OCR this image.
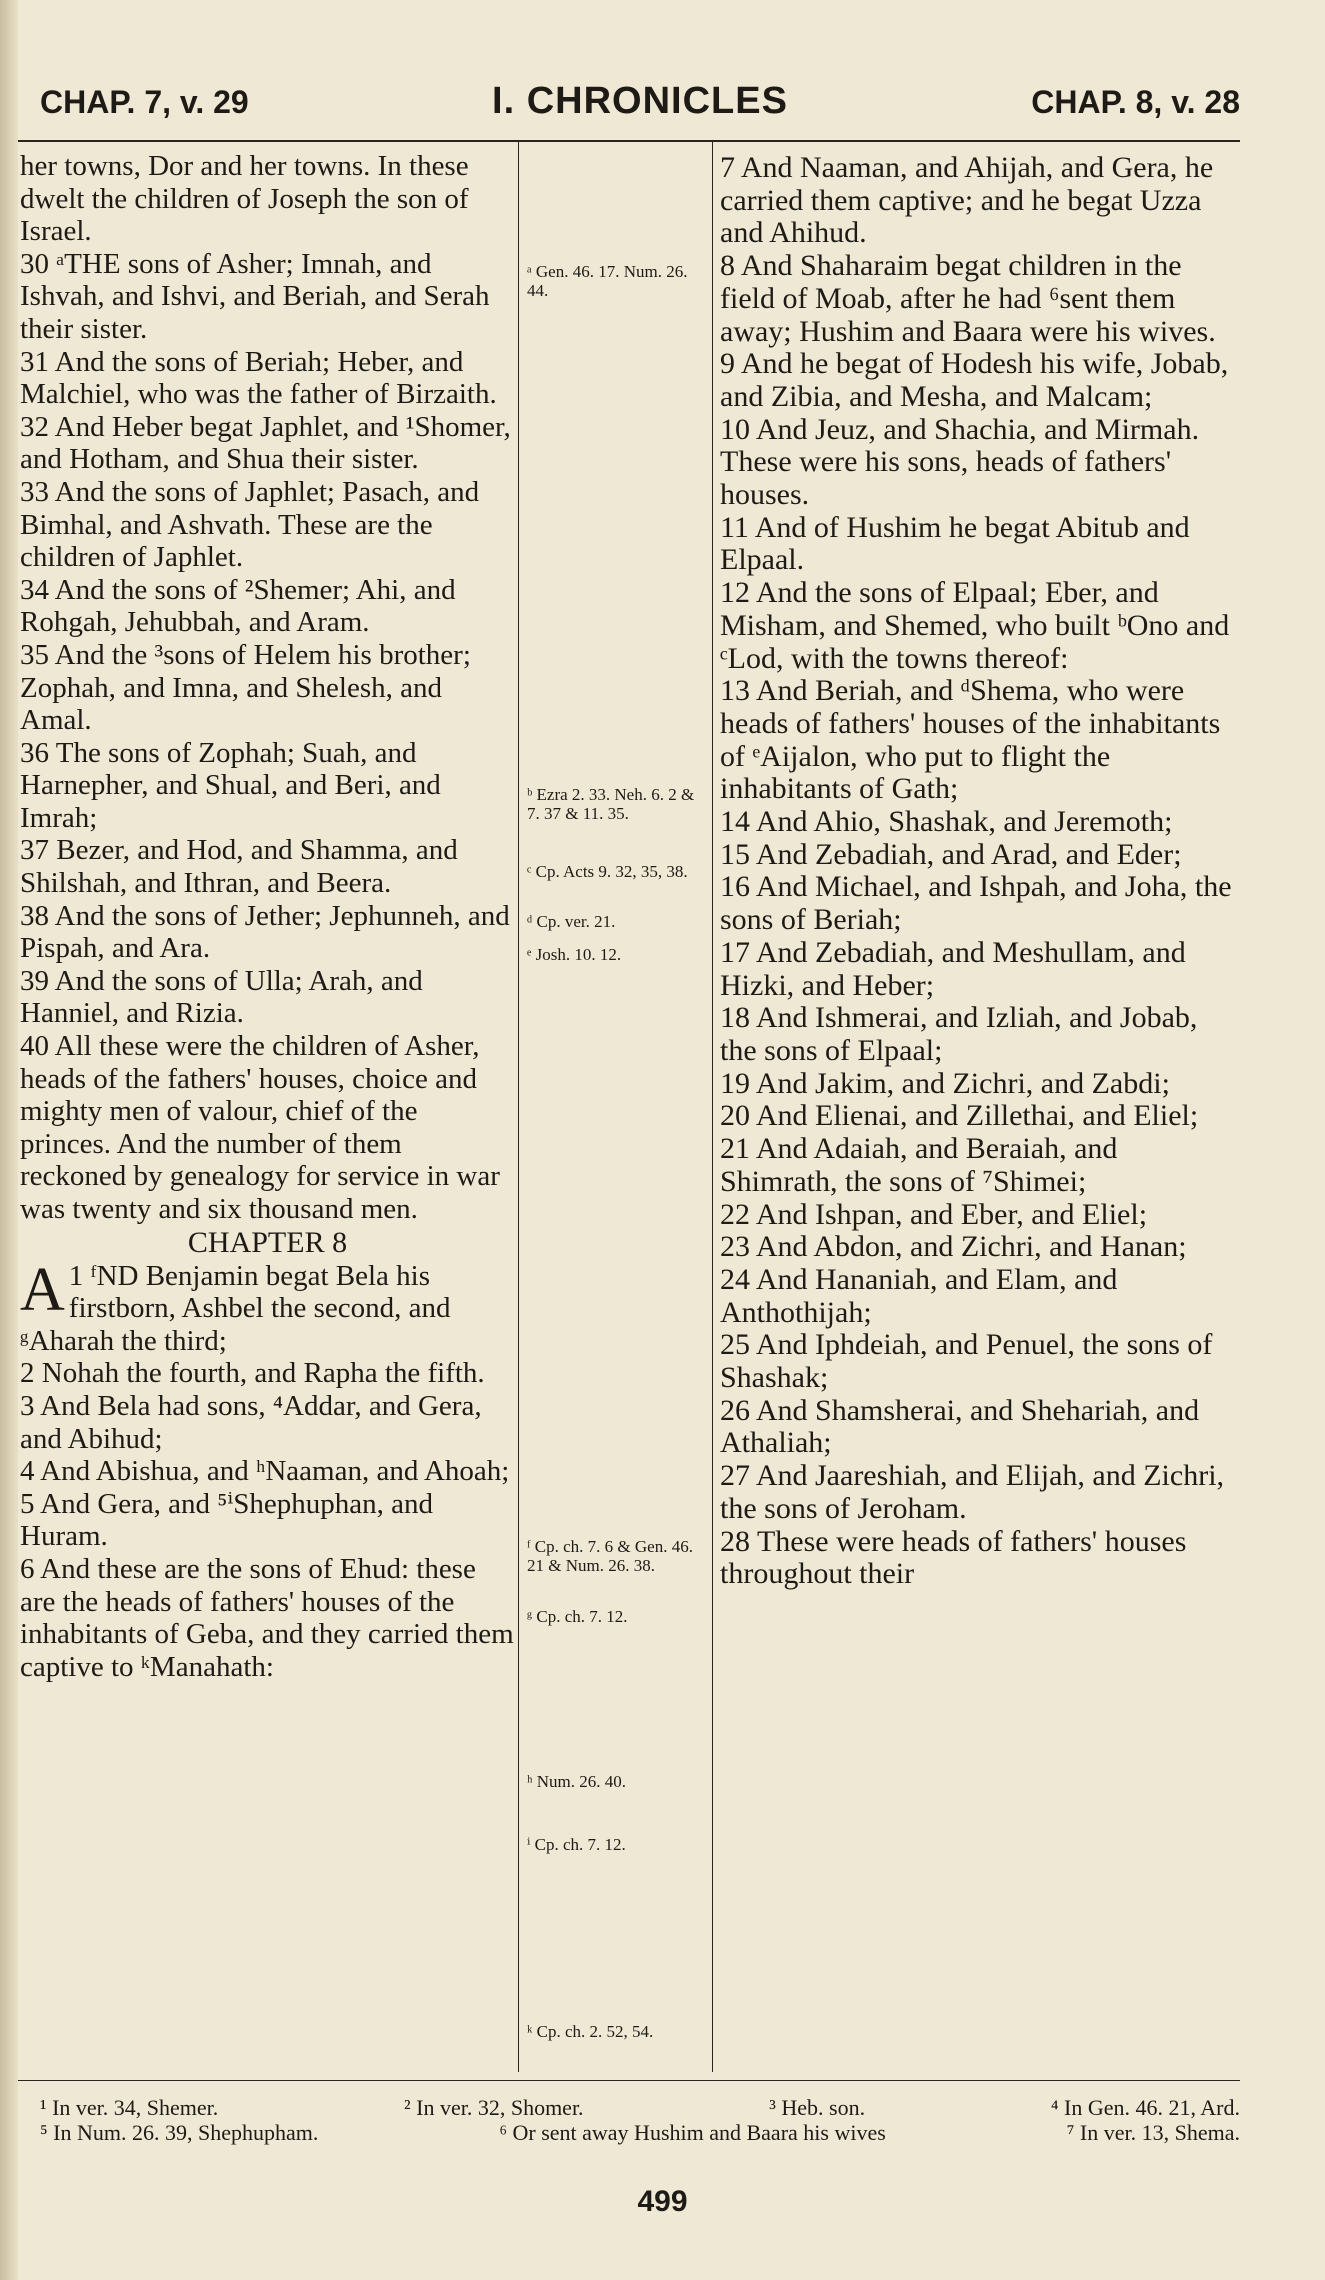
CHAP. 7, v. 29	I. CHRONICLES	CHAP. 8, v. 28

her towns, Dor and her towns. In these dwelt the children of Joseph the son of Israel.

30 ᵃTHE sons of Asher; Imnah, and Ishvah, and Ishvi, and Beriah, and Serah their sister.

31 And the sons of Beriah; Heber, and Malchiel, who was the father of Birzaith.

32 And Heber begat Japhlet, and ¹Shomer, and Hotham, and Shua their sister.

33 And the sons of Japhlet; Pasach, and Bimhal, and Ashvath. These are the children of Japhlet.

34 And the sons of ²Shemer; Ahi, and Rohgah, Jehubbah, and Aram.

35 And the ³sons of Helem his brother; Zophah, and Imna, and Shelesh, and Amal.

36 The sons of Zophah; Suah, and Harnepher, and Shual, and Beri, and Imrah;

37 Bezer, and Hod, and Shamma, and Shilshah, and Ithran, and Beera.

38 And the sons of Jether; Jephunneh, and Pispah, and Ara.

39 And the sons of Ulla; Arah, and Hanniel, and Rizia.

40 All these were the children of Asher, heads of the fathers' houses, choice and mighty men of valour, chief of the princes. And the number of them reckoned by genealogy for service in war was twenty and six thousand men.

CHAPTER 8

1 ᶠ
A ND Benjamin begat Bela his firstborn, Ashbel the second, and ᵍAharah the third;

2 Nohah the fourth, and Rapha the fifth.

3 And Bela had sons, ⁴Addar, and Gera, and Abihud;

4 And Abishua, and ʰNaaman, and Ahoah;

5 And Gera, and ⁵ⁱShephuphan, and Huram.

6 And these are the sons of Ehud: these are the heads of fathers' houses of the inhabitants of Geba, and they carried them captive to ᵏManahath:

ᵃ Gen. 46. 17. Num. 26. 44.
ᵇ Ezra 2. 33. Neh. 6. 2 & 7. 37 & 11. 35.
ᶜ Cp. Acts 9. 32, 35, 38.
ᵈ Cp. ver. 21.
ᵉ Josh. 10. 12.
ᶠ Cp. ch. 7. 6 & Gen. 46. 21 & Num. 26. 38.
ᵍ Cp. ch. 7. 12.
ʰ Num. 26. 40.
ⁱ Cp. ch. 7. 12.
ᵏ Cp. ch. 2. 52, 54.

7 And Naaman, and Ahijah, and Gera, he carried them captive; and he begat Uzza and Ahihud.

8 And Shaharaim begat children in the field of Moab, after he had ⁶sent them away; Hushim and Baara were his wives.

9 And he begat of Hodesh his wife, Jobab, and Zibia, and Mesha, and Malcam;

10 And Jeuz, and Shachia, and Mirmah. These were his sons, heads of fathers' houses.

11 And of Hushim he begat Abitub and Elpaal.

12 And the sons of Elpaal; Eber, and Misham, and Shemed, who built ᵇOno and ᶜLod, with the towns thereof:

13 And Beriah, and ᵈShema, who were heads of fathers' houses of the inhabitants of ᵉAijalon, who put to flight the inhabitants of Gath;

14 And Ahio, Shashak, and Jeremoth;

15 And Zebadiah, and Arad, and Eder;

16 And Michael, and Ishpah, and Joha, the sons of Beriah;

17 And Zebadiah, and Meshullam, and Hizki, and Heber;

18 And Ishmerai, and Izliah, and Jobab, the sons of Elpaal;

19 And Jakim, and Zichri, and Zabdi;

20 And Elienai, and Zillethai, and Eliel;

21 And Adaiah, and Beraiah, and Shimrath, the sons of ⁷Shimei;

22 And Ishpan, and Eber, and Eliel;

23 And Abdon, and Zichri, and Hanan;

24 And Hananiah, and Elam, and Anthothijah;

25 And Iphdeiah, and Penuel, the sons of Shashak;

26 And Shamsherai, and Shehariah, and Athaliah;

27 And Jaareshiah, and Elijah, and Zichri, the sons of Jeroham.

28 These were heads of fathers' houses throughout their

¹ In ver. 34, Shemer.	² In ver. 32, Shomer.	³ Heb. son.	⁴ In Gen. 46. 21, Ard.
⁵ In Num. 26. 39, Shephupham.	⁶ Or sent away Hushim and Baara his wives	⁷ In ver. 13, Shema.
499
